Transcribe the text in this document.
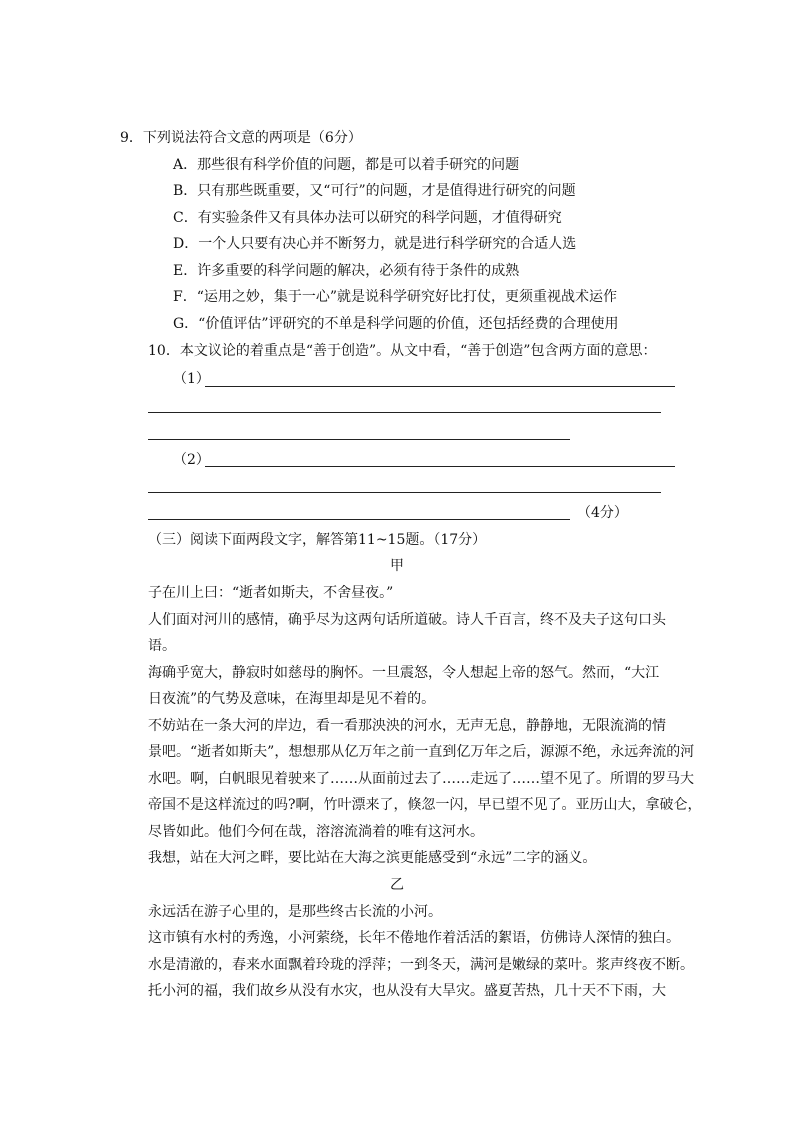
9．下列说法符合文意的两项是（6分）
A．那些很有科学价值的问题，都是可以着手研究的问题
B．只有那些既重要，又“可行”的问题，才是值得进行研究的问题
C．有实验条件又有具体办法可以研究的科学问题，才值得研究
D．一个人只要有决心并不断努力，就是进行科学研究的合适人选
E．许多重要的科学问题的解决，必须有待于条件的成熟
F．“运用之妙，集于一心”就是说科学研究好比打仗，更须重视战术运作
G．“价值评估”评研究的不单是科学问题的价值，还包括经费的合理使用
10．本文议论的着重点是“善于创造”。从文中看，“善于创造”包含两方面的意思：
（1）
（2）
（4分）
（三）阅读下面两段文字，解答第11~15题。（17分）
甲
子在川上曰：“逝者如斯夫，不舍昼夜。”
人们面对河川的感情，确乎尽为这两句话所道破。诗人千百言，终不及夫子这句口头
语。
海确乎宽大，静寂时如慈母的胸怀。一旦震怒，令人想起上帝的怒气。然而，“大江
日夜流”的气势及意味，在海里却是见不着的。
不妨站在一条大河的岸边，看一看那泱泱的河水，无声无息，静静地，无限流淌的情
景吧。“逝者如斯夫”，想想那从亿万年之前一直到亿万年之后，源源不绝，永远奔流的河
水吧。啊，白帆眼见着驶来了……从面前过去了……走远了……望不见了。所谓的罗马大
帝国不是这样流过的吗?啊，竹叶漂来了，倏忽一闪，早已望不见了。亚历山大，拿破仑，
尽皆如此。他们今何在哉，溶溶流淌着的唯有这河水。
我想，站在大河之畔，要比站在大海之滨更能感受到“永远”二字的涵义。
乙
永远活在游子心里的，是那些终古长流的小河。
这市镇有水村的秀逸，小河萦绕，长年不倦地作着活活的絮语，仿佛诗人深情的独白。
水是清澈的，春来水面飘着玲珑的浮萍；一到冬天，满河是嫩绿的菜叶。浆声终夜不断。
托小河的福，我们故乡从没有水灾，也从没有大旱灾。盛夏苦热，几十天不下雨，大
